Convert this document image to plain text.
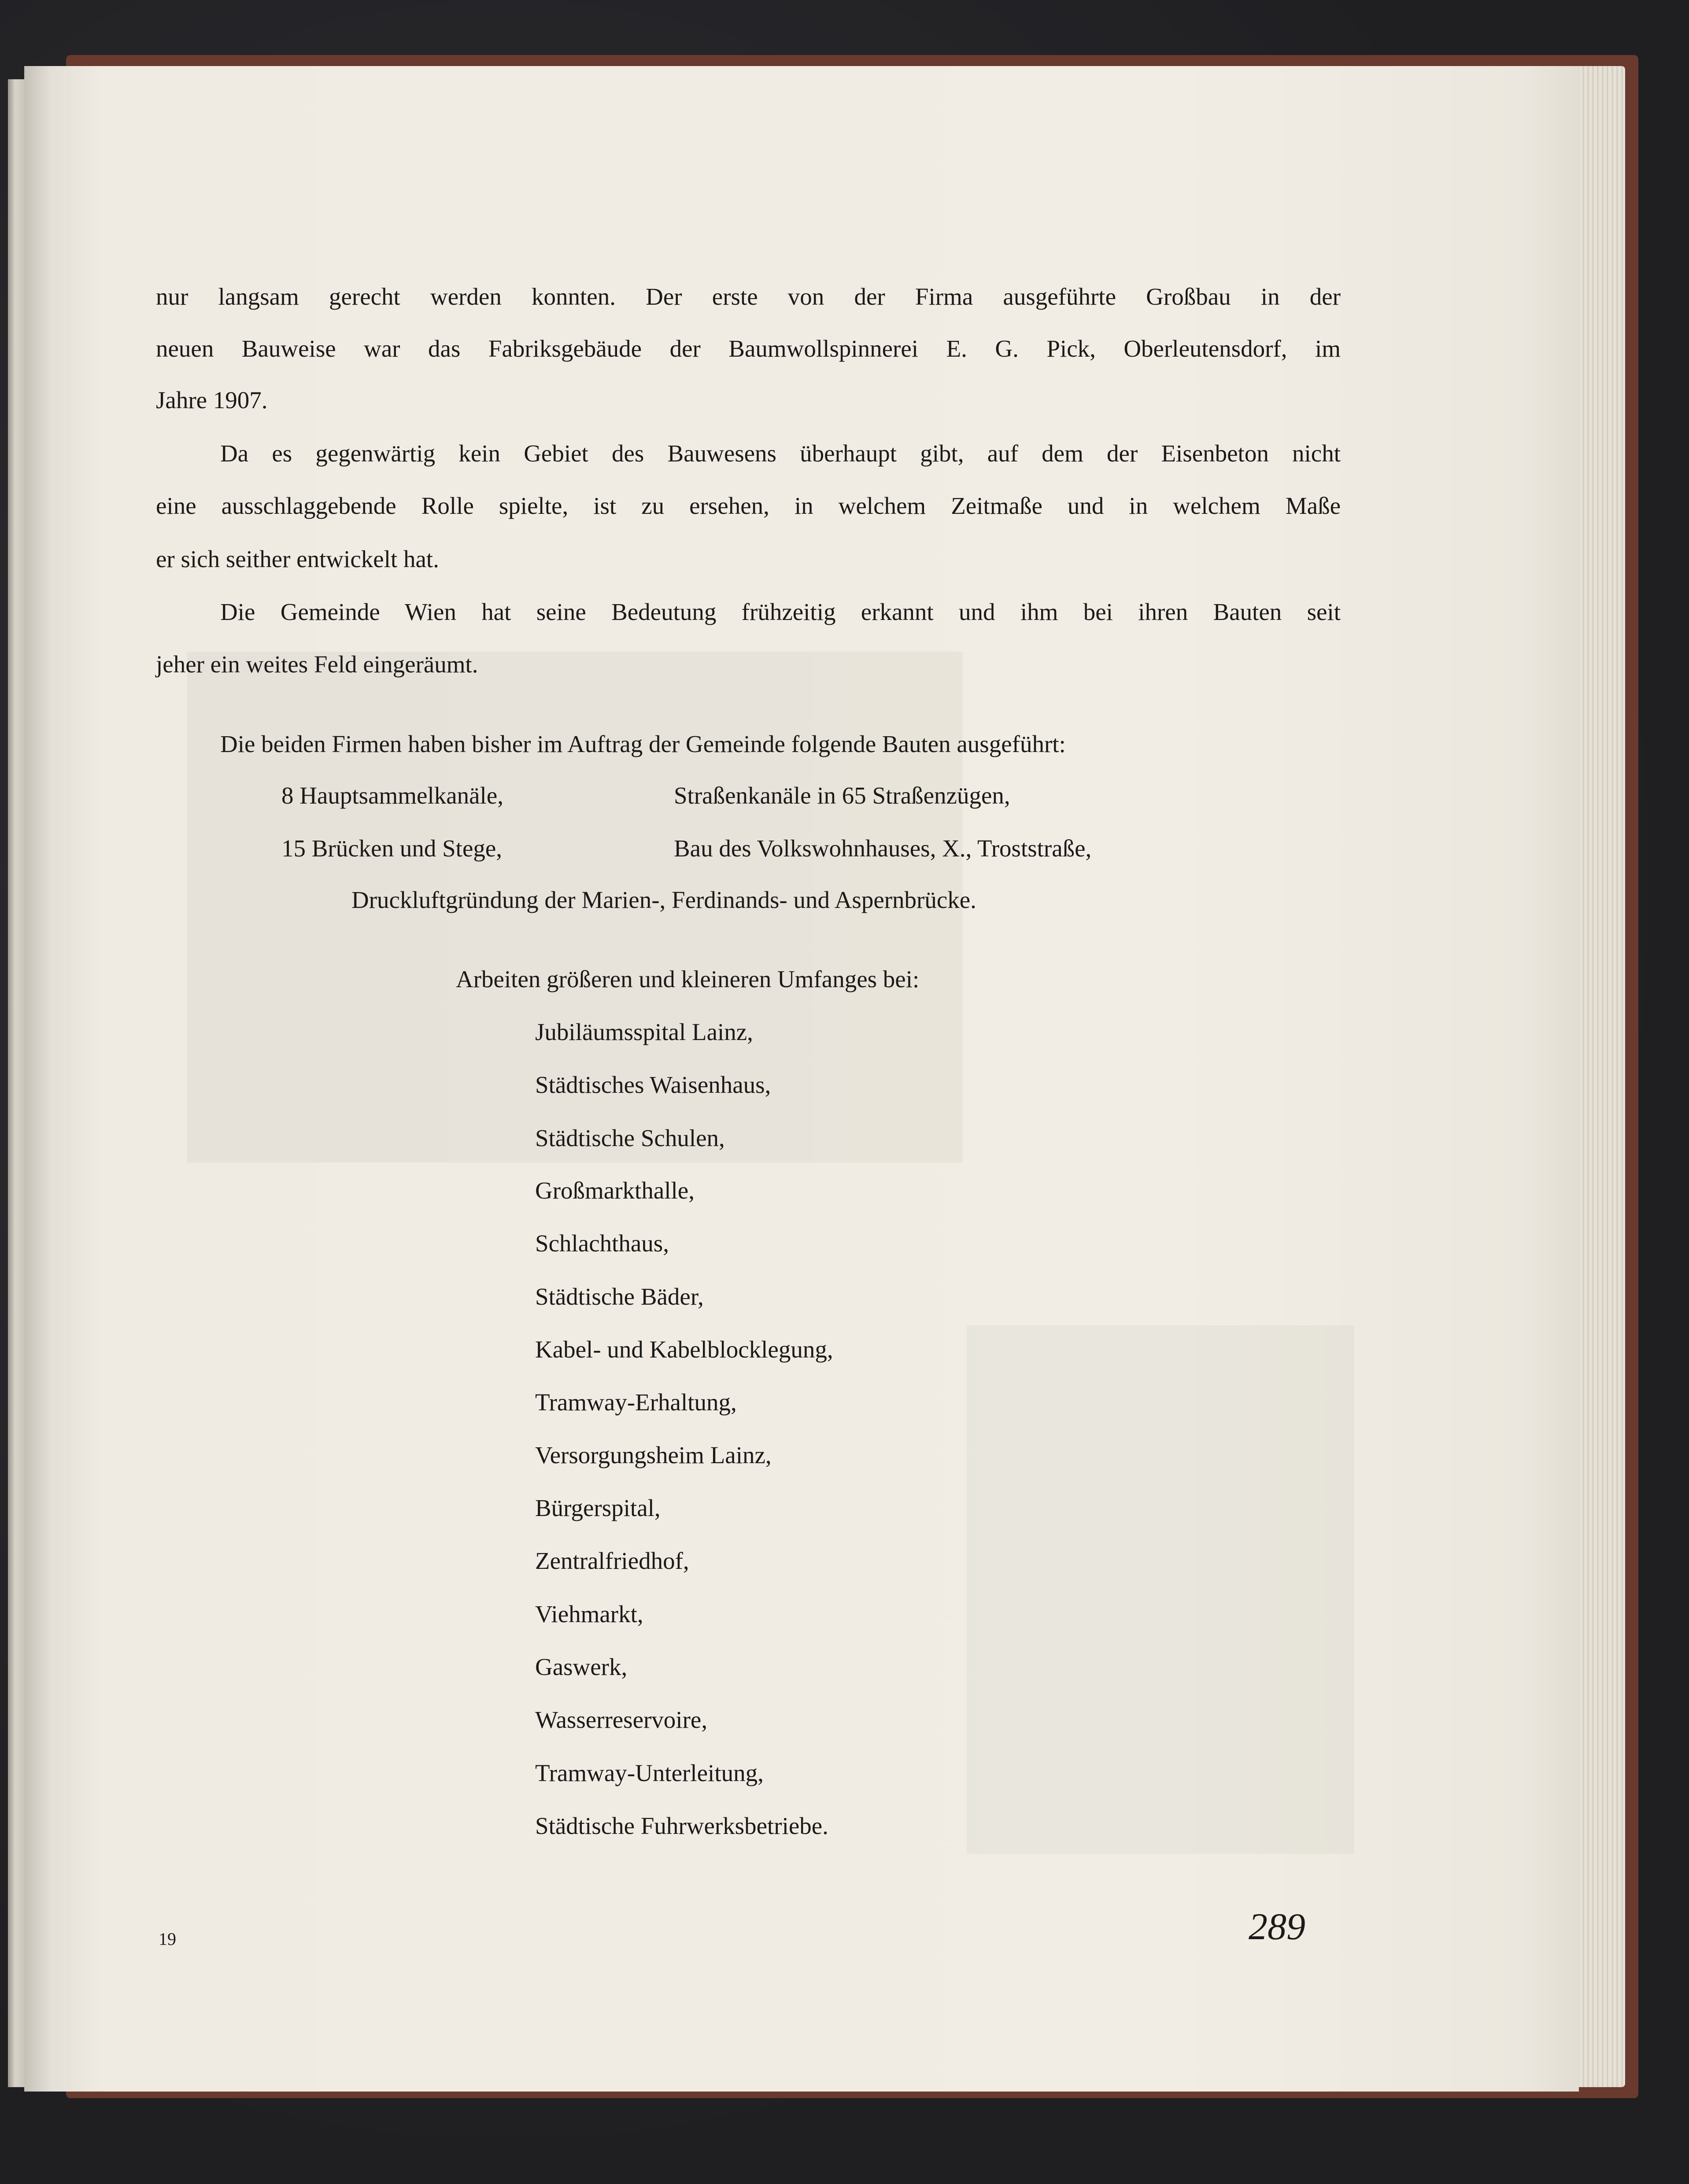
nur langsam gerecht werden konnten. Der erste von der Firma ausgeführte Großbau in der

neuen Bauweise war das Fabriksgebäude der Baumwollspinnerei E. G. Pick, Oberleutensdorf, im

Jahre 1907.

Da es gegenwärtig kein Gebiet des Bauwesens überhaupt gibt, auf dem der Eisenbeton nicht

eine ausschlaggebende Rolle spielte, ist zu ersehen, in welchem Zeitmaße und in welchem Maße

er sich seither entwickelt hat.

Die Gemeinde Wien hat seine Bedeutung frühzeitig erkannt und ihm bei ihren Bauten seit

jeher ein weites Feld eingeräumt.

Die beiden Firmen haben bisher im Auftrag der Gemeinde folgende Bauten ausgeführt:

8 Hauptsammelkanäle,	Straßenkanäle in 65 Straßenzügen,

15 Brücken und Stege,	Bau des Volkswohnhauses, X., Troststraße,

Druckluftgründung der Marien-, Ferdinands- und Aspernbrücke.

Arbeiten größeren und kleineren Umfanges bei:

Jubiläumsspital Lainz,

Städtisches Waisenhaus,

Städtische Schulen,

Großmarkthalle,

Schlachthaus,

Städtische Bäder,

Kabel- und Kabelblocklegung,

Tramway-Erhaltung,

Versorgungsheim Lainz,

Bürgerspital,

Zentralfriedhof,

Viehmarkt,

Gaswerk,

Wasserreservoire,

Tramway-Unterleitung,

Städtische Fuhrwerksbetriebe.

19	289
